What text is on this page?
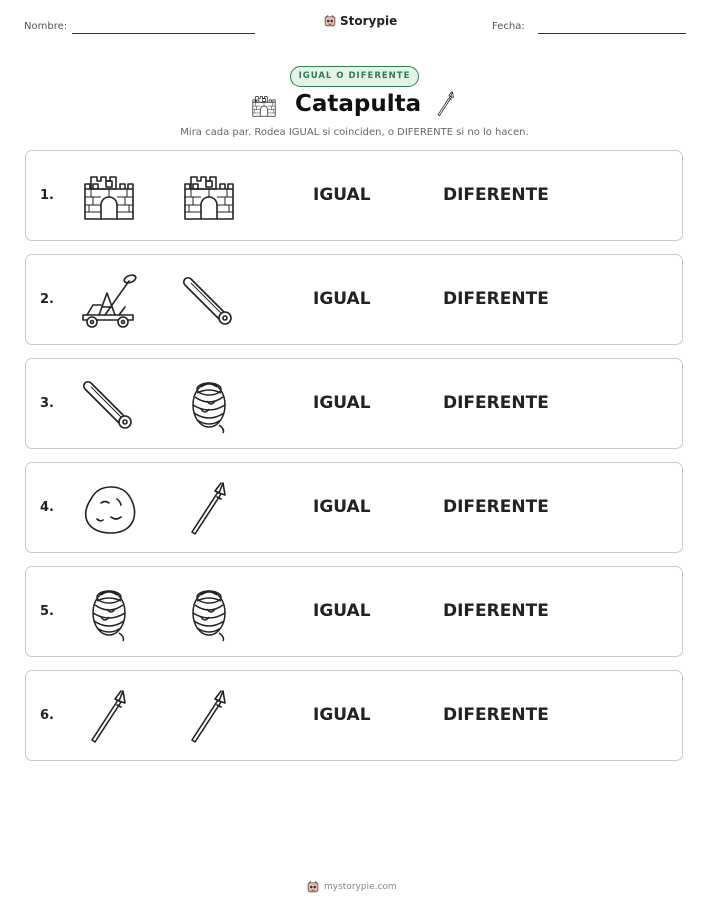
Nombre:	Storypie	Fecha:
IGUAL O DIFERENTE
Catapulta
Mira cada par. Rodea IGUAL si coinciden, o DIFERENTE si no lo hacen.
1.	IGUAL	DIFERENTE
2.	IGUAL	DIFERENTE
3.	IGUAL	DIFERENTE
4.	IGUAL	DIFERENTE
5.	IGUAL	DIFERENTE
6.	IGUAL	DIFERENTE
mystorypie.com
